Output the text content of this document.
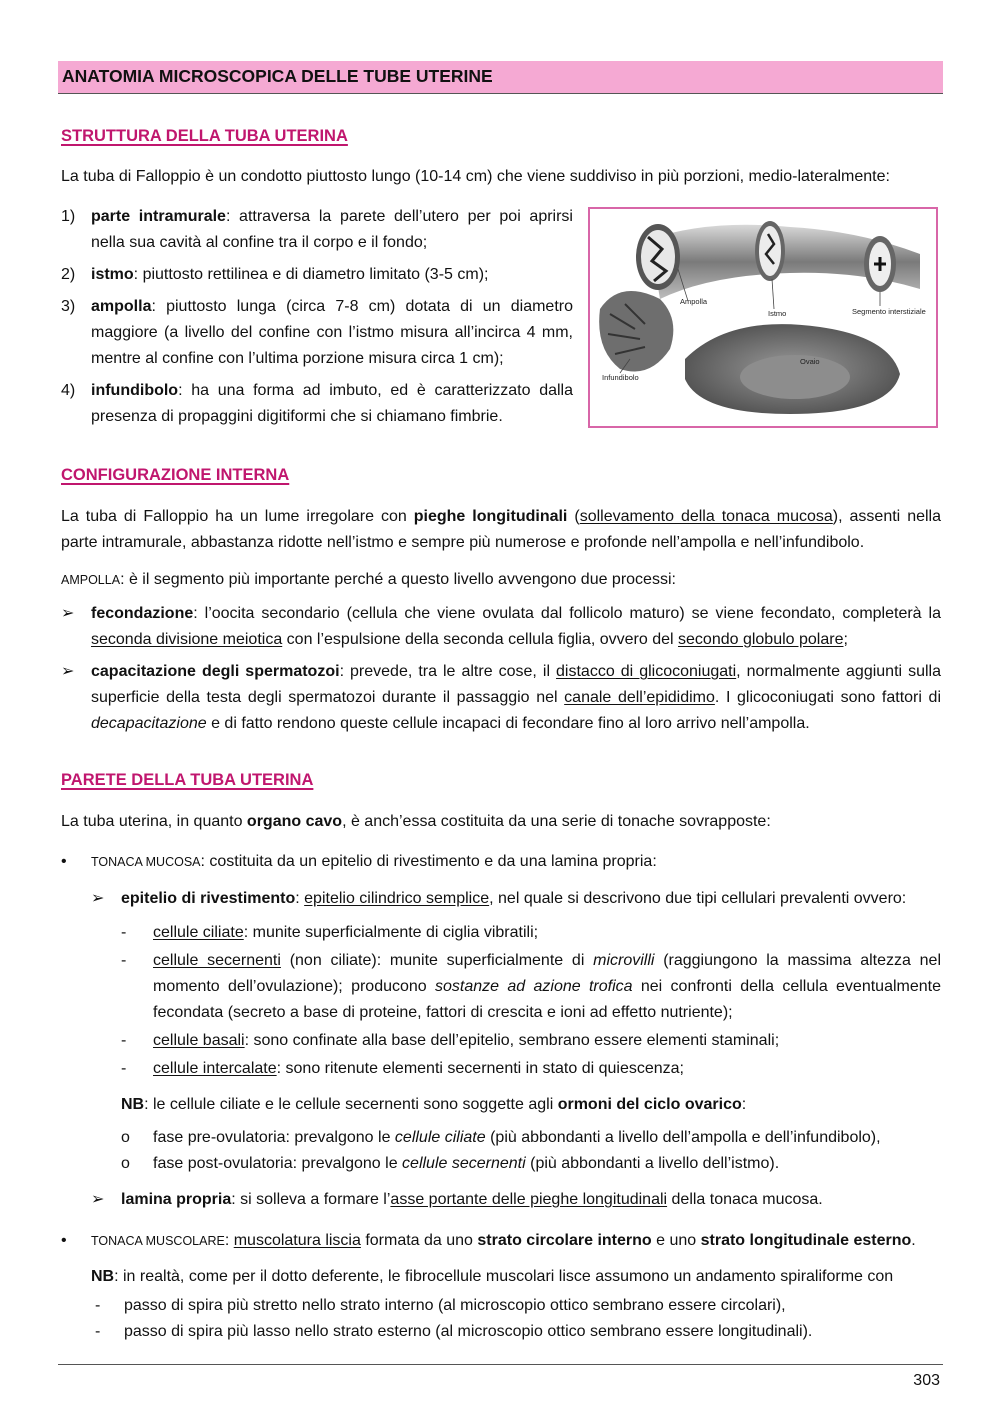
ANATOMIA MICROSCOPICA DELLE TUBE UTERINE
STRUTTURA DELLA TUBA UTERINA
La tuba di Falloppio è un condotto piuttosto lungo (10-14 cm) che viene suddiviso in più porzioni, medio-lateralmente:
1) parte intramurale: attraversa la parete dell’utero per poi aprirsi nella sua cavità al confine tra il corpo e il fondo;
2) istmo: piuttosto rettilinea e di diametro limitato (3-5 cm);
3) ampolla: piuttosto lunga (circa 7-8 cm) dotata di un diametro maggiore (a livello del confine con l’istmo misura all’incirca 4 mm, mentre al confine con l’ultima porzione misura circa 1 cm);
4) infundibolo: ha una forma ad imbuto, ed è caratterizzato dalla presenza di propaggini digitiformi che si chiamano fimbrie.
Ampolla
Istmo	Segmento interstiziale
Infundibolo
Ovaio
CONFIGURAZIONE INTERNA
La tuba di Falloppio ha un lume irregolare con pieghe longitudinali (sollevamento della tonaca mucosa), assenti nella parte intramurale, abbastanza ridotte nell’istmo e sempre più numerose e profonde nell’ampolla e nell’infundibolo.
AMPOLLA: è il segmento più importante perché a questo livello avvengono due processi:
➢ fecondazione: l’oocita secondario (cellula che viene ovulata dal follicolo maturo) se viene fecondato, completerà la seconda divisione meiotica con l’espulsione della seconda cellula figlia, ovvero del secondo globulo polare;
➢ capacitazione degli spermatozoi: prevede, tra le altre cose, il distacco di glicoconiugati, normalmente aggiunti sulla superficie della testa degli spermatozoi durante il passaggio nel canale dell’epididimo. I glicoconiugati sono fattori di decapacitazione e di fatto rendono queste cellule incapaci di fecondare fino al loro arrivo nell’ampolla.
PARETE DELLA TUBA UTERINA
La tuba uterina, in quanto organo cavo, è anch’essa costituita da una serie di tonache sovrapposte:
• TONACA MUCOSA: costituita da un epitelio di rivestimento e da una lamina propria:
➢ epitelio di rivestimento: epitelio cilindrico semplice, nel quale si descrivono due tipi cellulari prevalenti ovvero:
- cellule ciliate: munite superficialmente di ciglia vibratili;
- cellule secernenti (non ciliate): munite superficialmente di microvilli (raggiungono la massima altezza nel momento dell’ovulazione); producono sostanze ad azione trofica nei confronti della cellula eventualmente fecondata (secreto a base di proteine, fattori di crescita e ioni ad effetto nutriente);
- cellule basali: sono confinate alla base dell’epitelio, sembrano essere elementi staminali;
- cellule intercalate: sono ritenute elementi secernenti in stato di quiescenza;
NB: le cellule ciliate e le cellule secernenti sono soggette agli ormoni del ciclo ovarico:
o fase pre-ovulatoria: prevalgono le cellule ciliate (più abbondanti a livello dell’ampolla e dell’infundibolo),
o fase post-ovulatoria: prevalgono le cellule secernenti (più abbondanti a livello dell’istmo).
➢ lamina propria: si solleva a formare l’asse portante delle pieghe longitudinali della tonaca mucosa.
• TONACA MUSCOLARE: muscolatura liscia formata da uno strato circolare interno e uno strato longitudinale esterno.
NB: in realtà, come per il dotto deferente, le fibrocellule muscolari lisce assumono un andamento spiraliforme con
- passo di spira più stretto nello strato interno (al microscopio ottico sembrano essere circolari),
- passo di spira più lasso nello strato esterno (al microscopio ottico sembrano essere longitudinali).
303
